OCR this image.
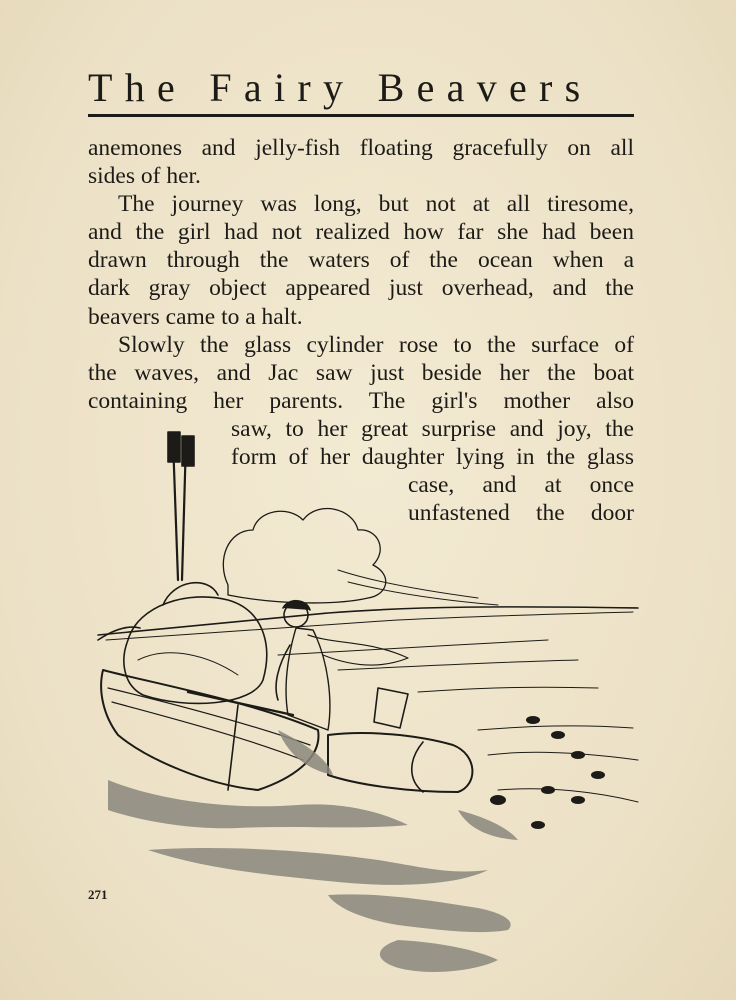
The Fairy Beavers
anemones and jelly-fish floating gracefully on all
sides of her.
The journey was long, but not at all tiresome,
and the girl had not realized how far she had been
drawn through the waters of the ocean when a
dark gray object appeared just overhead, and the
beavers came to a halt.
Slowly the glass cylinder rose to the surface of
the waves, and Jac saw just beside her the boat
containing her parents. The girl's mother also
saw, to her great surprise and joy, the
form of her daughter lying in the glass
case, and at once
unfastened the door
271
